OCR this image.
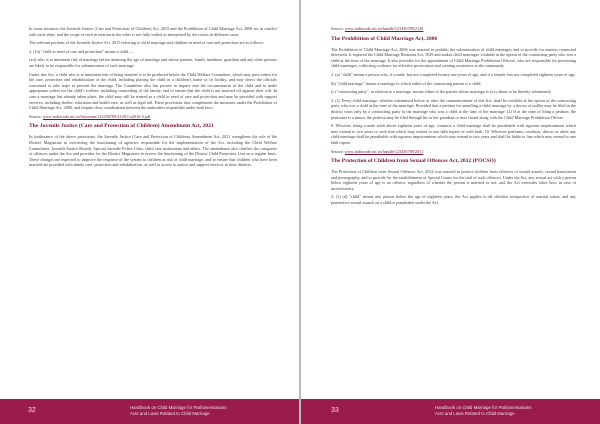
In some instances the Juvenile Justice (Care and Protection of Children) Act, 2015 and the Prohibition of Child Marriage Act, 2006 act in conflict with each other, and the scope of each in relation to the other is not fully settled as interpreted by the courts in different cases.
The relevant portions of the Juvenile Justice Act, 2015 referring to child marriage and children in need of care and protection are as follows:
2. (14) "child in need of care and protection" means a child —
(xii) who is at imminent risk of marriage before attaining the age of marriage and whose parents, family members, guardian and any other persons are likely to be responsible for solemnisation of such marriage;
Under this Act, a child who is at imminent risk of being married is to be produced before the Child Welfare Committee, which may pass orders for the care, protection and rehabilitation of the child, including placing the child in a children's home or fit facility, and may direct the officials concerned to take steps to prevent the marriage. The Committee also has powers to inquire into the circumstances of the child and to make appropriate orders for the child's welfare, including counselling of the family, and to ensure that the child is not married off against their will. In case a marriage has already taken place, the child may still be treated as a child in need of care and protection and may be provided with support services, including shelter, education and health care, as well as legal aid. These provisions thus complement the measures under the Prohibition of Child Marriage Act, 2006, and require close coordination between the authorities responsible under both laws.
Source: www.indiacode.nic.in/bitstream/123456789/2148/1/a2016-2.pdf
The Juvenile Justice (Care and Protection of Children) Amendment Act, 2021
In furtherance of the above provisions, the Juvenile Justice (Care and Protection of Children) Amendment Act, 2021 strengthens the role of the District Magistrate in overseeing the functioning of agencies responsible for the implementation of the Act, including the Child Welfare Committees, Juvenile Justice Boards, Special Juvenile Police Units, child care institutions and others. The amendment also clarifies the categories of offences under the Act and provides for the District Magistrate to review the functioning of the District Child Protection Unit on a regular basis. These changes are expected to improve the response of the system to children at risk of child marriage, and to ensure that children who have been married are provided with timely care, protection and rehabilitation, as well as access to justice and support services in their districts.
32	Handbook on Child Marriage for Parliamentarians
Acts and Laws Related to Child Marriage
Source: www.indiacode.nic.in/handle/123456789/2148
The Prohibition of Child Marriage Act, 2006
The Prohibition of Child Marriage Act, 2006 was enacted to prohibit the solemnisation of child marriages and to provide for matters connected therewith. It replaced the Child Marriage Restraint Act, 1929 and makes child marriages voidable at the option of the contracting party who was a child at the time of the marriage. It also provides for the appointment of Child Marriage Prohibition Officers, who are responsible for preventing child marriages, collecting evidence for effective prosecution and creating awareness in the community.
2. (a) "child" means a person who, if a male, has not completed twenty-one years of age, and if a female, has not completed eighteen years of age;
(b) "child marriage" means a marriage to which either of the contracting parties is a child;
(c) "contracting party", in relation to a marriage, means either of the parties whose marriage is or is about to be thereby solemnised;
3. (1) Every child marriage, whether solemnised before or after the commencement of this Act, shall be voidable at the option of the contracting party who was a child at the time of the marriage: Provided that a petition for annulling a child marriage by a decree of nullity may be filed in the district court only by a contracting party to the marriage who was a child at the time of the marriage. (2) If at the time of filing a petition, the petitioner is a minor, the petition may be filed through his or her guardian or next friend along with the Child Marriage Prohibition Officer.
9. Whoever, being a male adult above eighteen years of age, contracts a child marriage shall be punishable with rigorous imprisonment which may extend to two years or with fine which may extend to one lakh rupees or with both. 10. Whoever performs, conducts, directs or abets any child marriage shall be punishable with rigorous imprisonment which may extend to two years and shall be liable to fine which may extend to one lakh rupees.
Source: www.indiacode.nic.in/handle/123456789/2051
The Protection of Children from Sexual Offences Act, 2012 (POCSO)
The Protection of Children from Sexual Offences Act, 2012 was enacted to protect children from offences of sexual assault, sexual harassment and pornography, and to provide for the establishment of Special Courts for the trial of such offences. Under the Act, any sexual act with a person below eighteen years of age is an offence, regardless of whether the person is married or not, and the Act overrides other laws in case of inconsistency.
2. (1) (d) "child" means any person below the age of eighteen years; the Act applies to all children irrespective of marital status, and any penetrative sexual assault on a child is punishable under the Act.
33	Handbook on Child Marriage for Parliamentarians
Acts and Laws Related to Child Marriage
